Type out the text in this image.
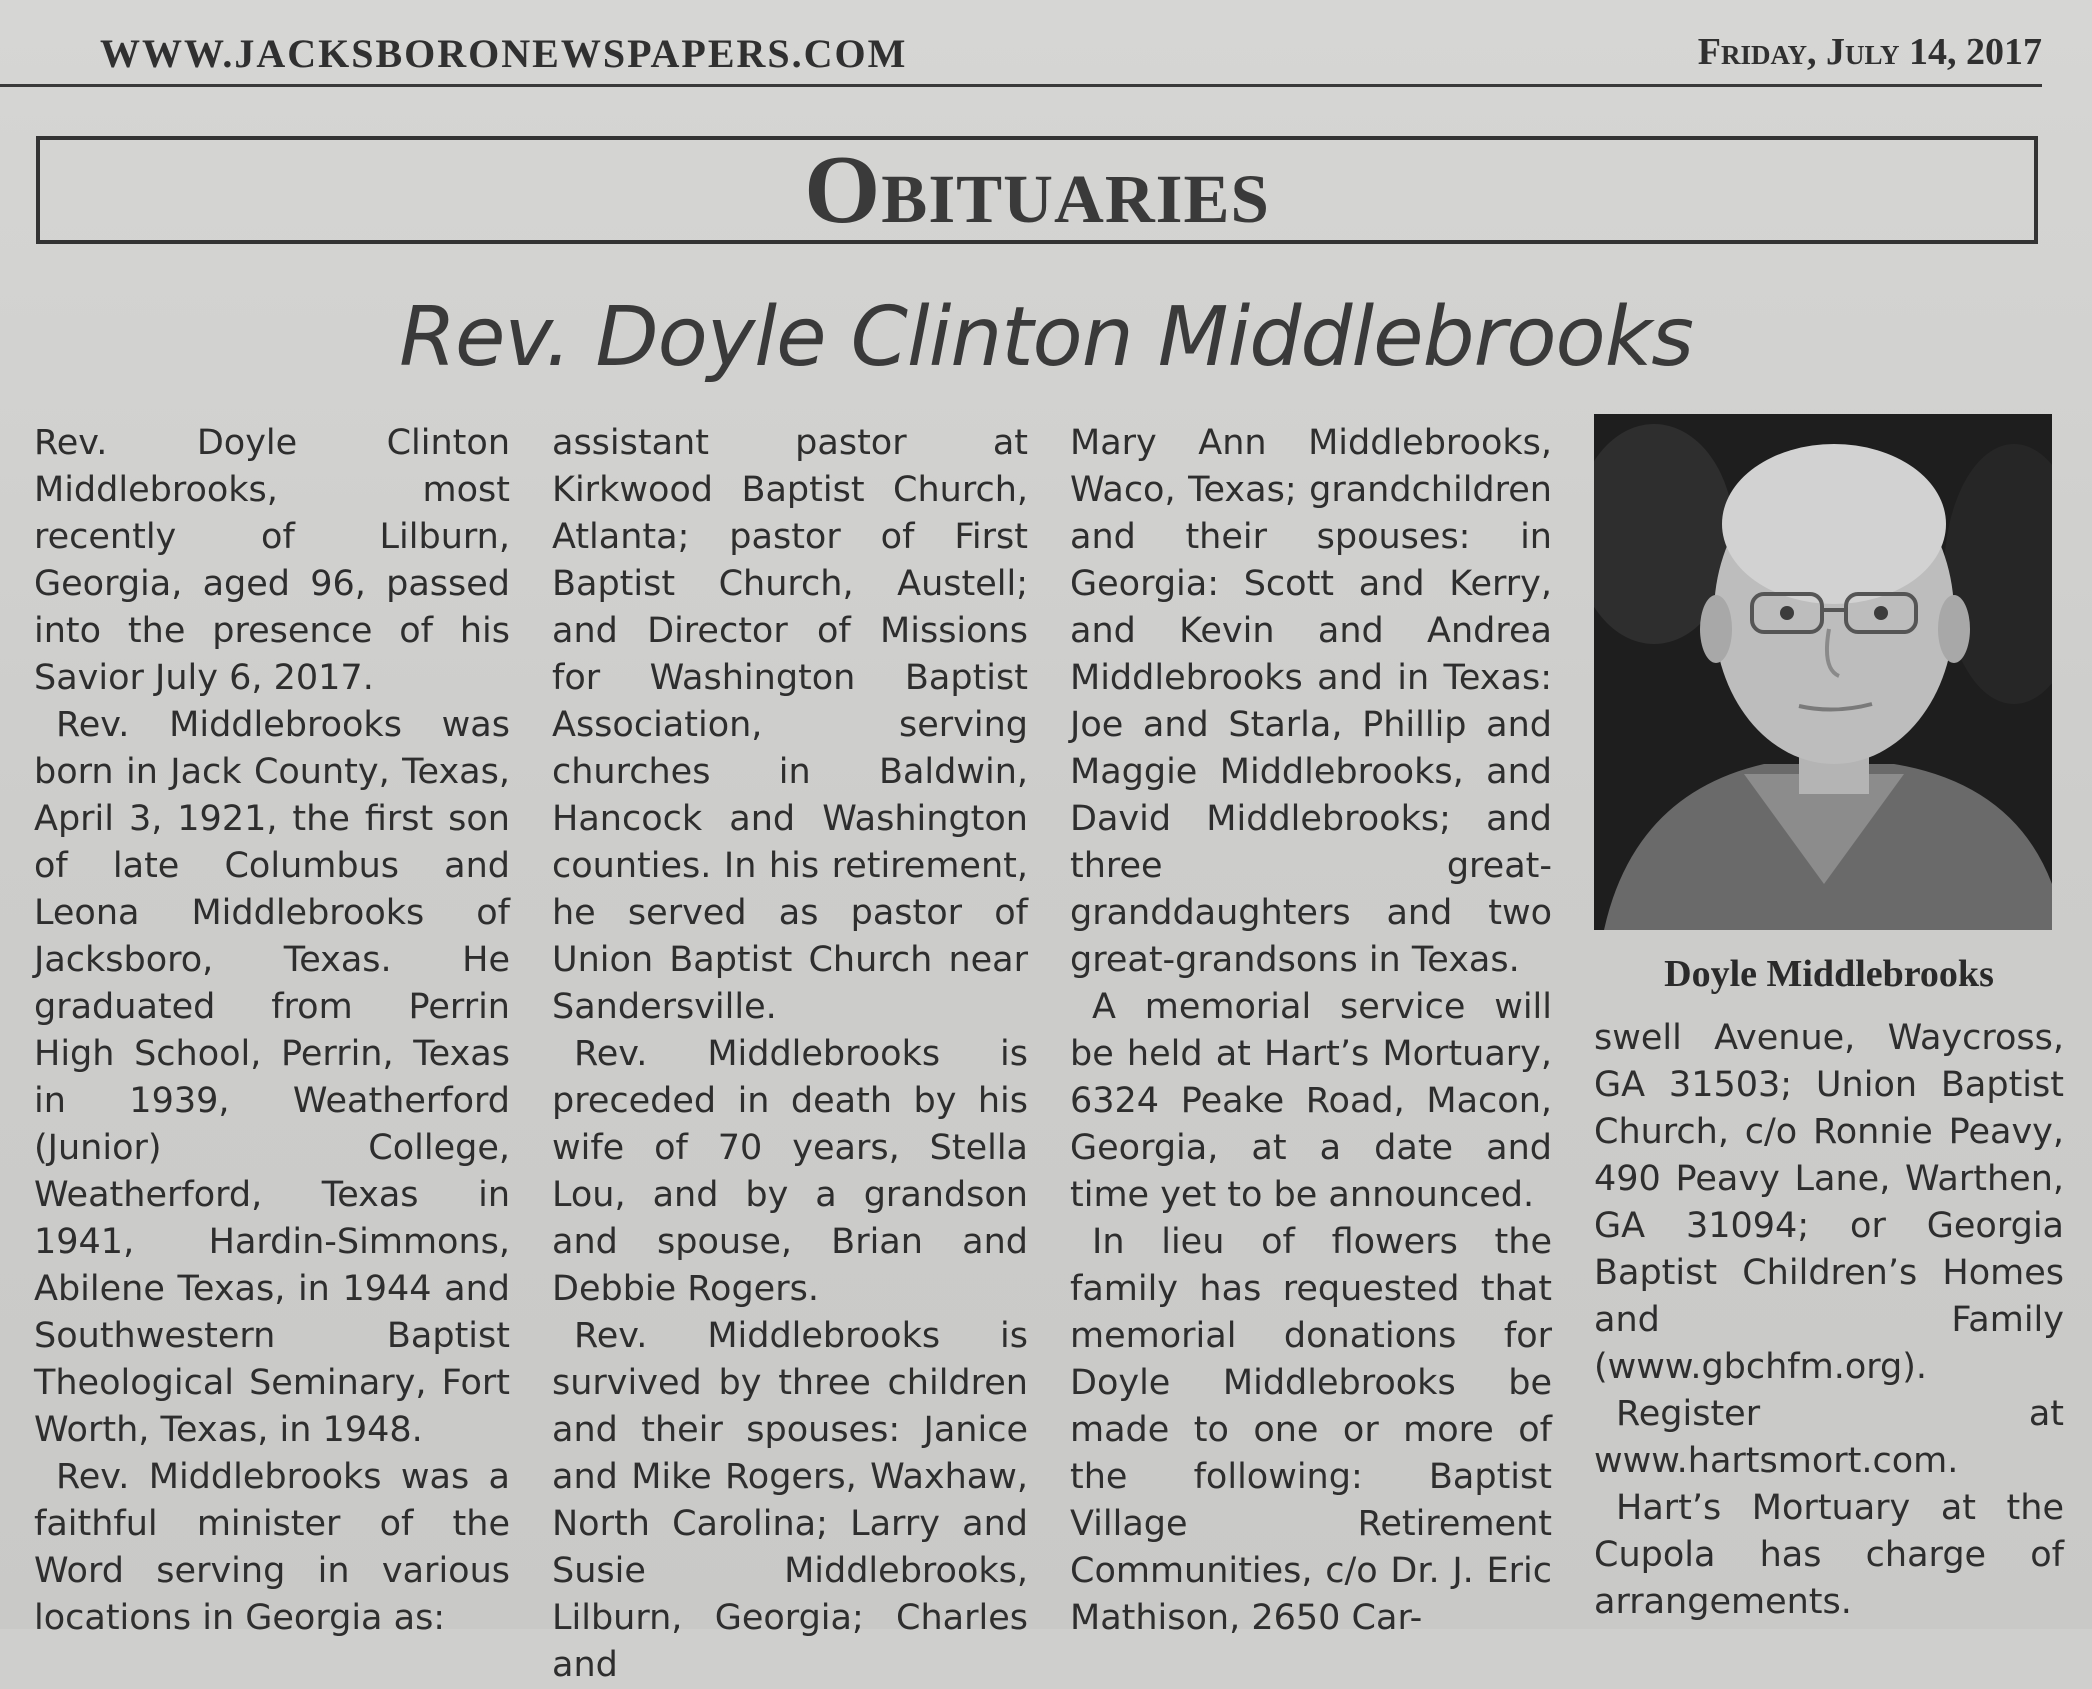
WWW.JACKSBORONEWSPAPERS.COM	Friday, July 14, 2017
Obituaries
Rev. Doyle Clinton Middlebrooks

Rev. Doyle Clinton Middlebrooks, most recently of Lilburn, Georgia, aged 96, passed into the presence of his Savior July 6, 2017.

Rev. Middlebrooks was born in Jack County, Texas, April 3, 1921, the first son of late Columbus and Leona Middlebrooks of Jacksboro, Texas. He graduated from Perrin High School, Perrin, Texas in 1939, Weatherford (Junior) College, Weatherford, Texas in 1941, Hardin-Simmons, Abilene Texas, in 1944 and Southwestern Baptist Theological Seminary, Fort Worth, Texas, in 1948.

Rev. Middlebrooks was a faithful minister of the Word serving in various locations in Georgia as:

assistant pastor at Kirkwood Baptist Church, Atlanta; pastor of First Baptist Church, Austell; and Director of Missions for Washington Baptist Association, serving churches in Baldwin, Hancock and Washington counties. In his retirement, he served as pastor of Union Baptist Church near Sandersville.

Rev. Middlebrooks is preceded in death by his wife of 70 years, Stella Lou, and by a grandson and spouse, Brian and Debbie Rogers.

Rev. Middlebrooks is survived by three children and their spouses: Janice and Mike Rogers, Waxhaw, North Carolina; Larry and Susie Middlebrooks, Lilburn, Georgia; Charles and

Mary Ann Middlebrooks, Waco, Texas; grandchildren and their spouses: in Georgia: Scott and Kerry, and Kevin and Andrea Middlebrooks and in Texas: Joe and Starla, Phillip and Maggie Middlebrooks, and David Middlebrooks; and three great-granddaughters and two great-grandsons in Texas.

A memorial service will be held at Hart’s Mortuary, 6324 Peake Road, Macon, Georgia, at a date and time yet to be announced.

In lieu of flowers the family has requested that memorial donations for Doyle Middlebrooks be made to one or more of the following: Baptist Village Retirement Communities, c/o Dr. J. Eric Mathison, 2650 Car-

Doyle Middlebrooks

swell Avenue, Waycross, GA 31503; Union Baptist Church, c/o Ronnie Peavy, 490 Peavy Lane, Warthen, GA 31094; or Georgia Baptist Children’s Homes and Family (www.gbchfm.org).

Register at www.hartsmort.com.

Hart’s Mortuary at the Cupola has charge of arrangements.
